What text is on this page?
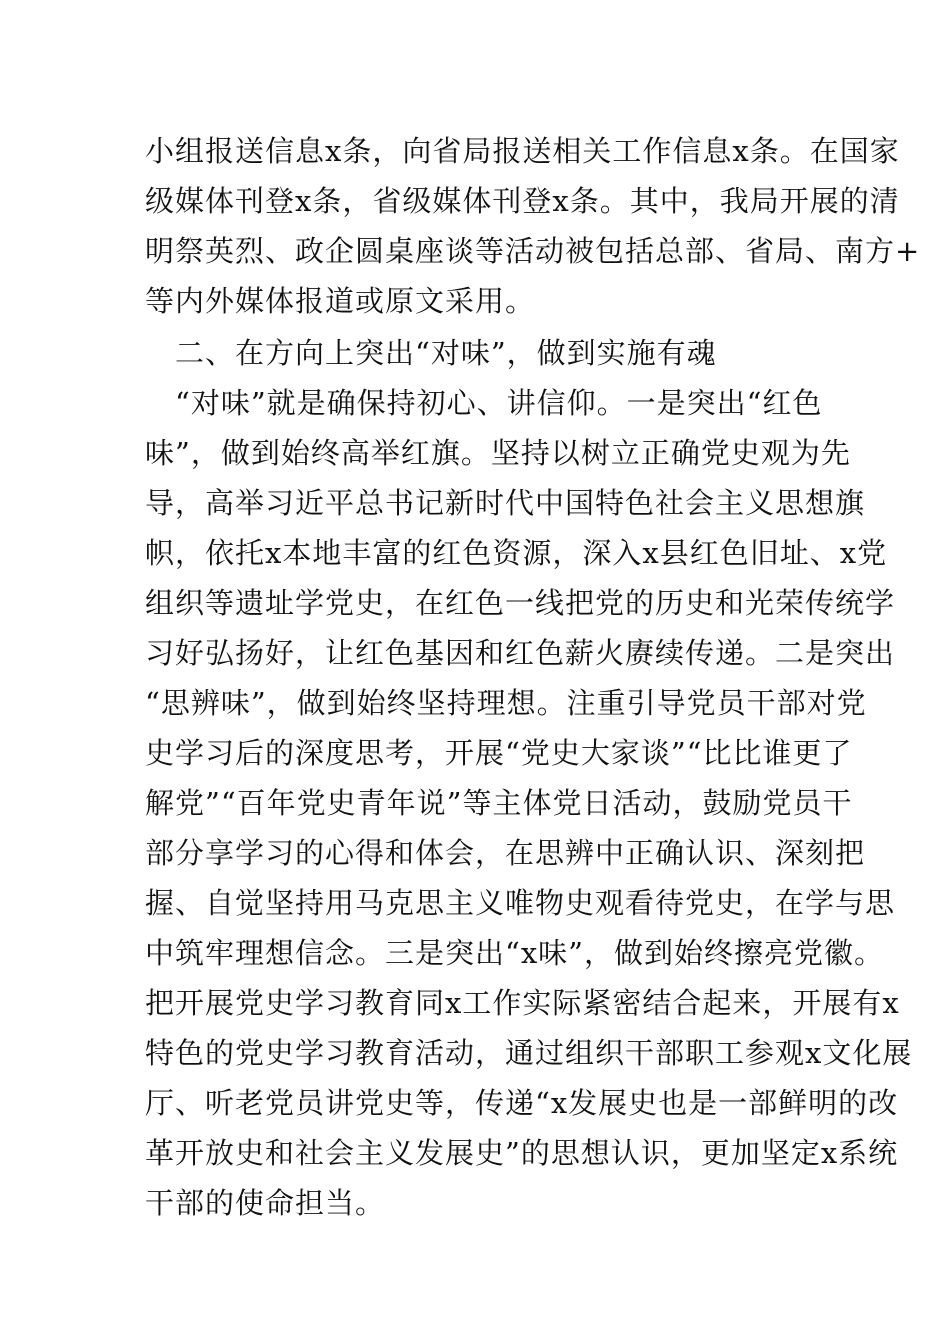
小组报送信息x条，向省局报送相关工作信息x条。在国家

级媒体刊登x条，省级媒体刊登x条。其中，我局开展的清

明祭英烈、政企圆桌座谈等活动被包括总部、省局、南方+

等内外媒体报道或原文采用。

二、在方向上突出“对味”，做到实施有魂

“对味”就是确保持初心、讲信仰。一是突出“红色

味”，做到始终高举红旗。坚持以树立正确党史观为先

导，高举习近平总书记新时代中国特色社会主义思想旗

帜，依托x本地丰富的红色资源，深入x县红色旧址、x党

组织等遗址学党史，在红色一线把党的历史和光荣传统学

习好弘扬好，让红色基因和红色薪火赓续传递。二是突出

“思辨味”，做到始终坚持理想。注重引导党员干部对党

史学习后的深度思考，开展“党史大家谈”“比比谁更了

解党”“百年党史青年说”等主体党日活动，鼓励党员干

部分享学习的心得和体会，在思辨中正确认识、深刻把

握、自觉坚持用马克思主义唯物史观看待党史，在学与思

中筑牢理想信念。三是突出“x味”，做到始终擦亮党徽。

把开展党史学习教育同x工作实际紧密结合起来，开展有x

特色的党史学习教育活动，通过组织干部职工参观x文化展

厅、听老党员讲党史等，传递“x发展史也是一部鲜明的改

革开放史和社会主义发展史”的思想认识，更加坚定x系统

干部的使命担当。
